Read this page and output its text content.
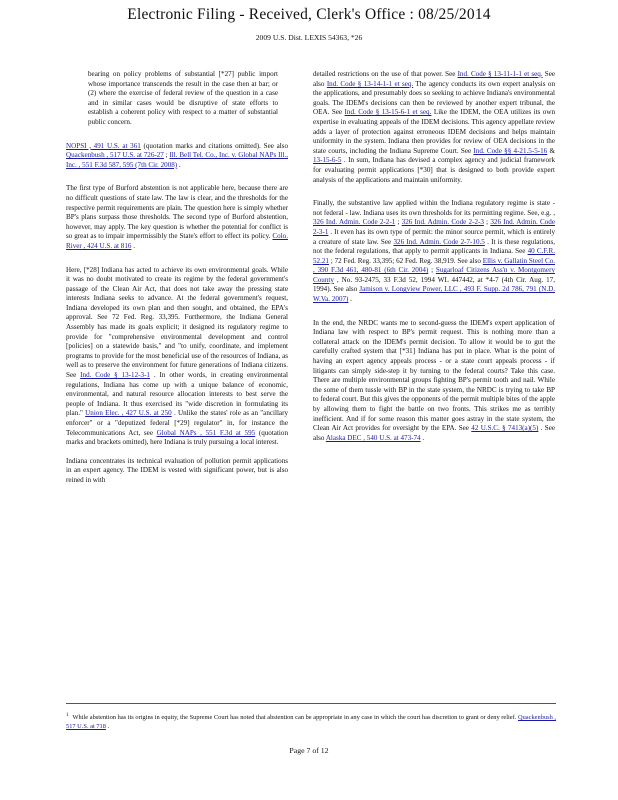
Electronic Filing - Received, Clerk's Office : 08/25/2014
2009 U.S. Dist. LEXIS 54363, *26

bearing on policy problems of substantial [*27] public import whose importance transcends the result in the case then at bar; or (2) where the exercise of federal review of the question in a case and in similar cases would be disruptive of state efforts to establish a coherent policy with respect to a matter of substantial public concern.

NOPSI , 491 U.S. at 361 (quotation marks and citations omitted). See also Quackenbush , 517 U.S. at 726-27 ; Ill. Bell Tel. Co., Inc. v. Global NAPs Ill., Inc. , 551 F.3d 587, 595 (7th Cir. 2008) .

The first type of Burford abstention is not applicable here, because there are no difficult questions of state law. The law is clear, and the thresholds for the respective permit requirements are plain. The question here is simply whether BP's plans surpass those thresholds. The second type of Burford abstention, however, may apply. The key question is whether the potential for conflict is so great as to impair impermissibly the State's effort to effect its policy. Colo. River , 424 U.S. at 816 .

Here, [*28] Indiana has acted to achieve its own environmental goals. While it was no doubt motivated to create its regime by the federal government's passage of the Clean Air Act, that does not take away the pressing state interests Indiana seeks to advance. At the federal government's request, Indiana developed its own plan and then sought, and obtained, the EPA's approval. See 72 Fed. Reg. 33,395. Furthermore, the Indiana General Assembly has made its goals explicit; it designed its regulatory regime to provide for "comprehensive environmental development and control [policies] on a statewide basis," and "to unify, coordinate, and implement programs to provide for the most beneficial use of the resources of Indiana, as well as to preserve the environment for future generations of Indiana citizens. See Ind. Code § 13-12-3-1 . In other words, in creating environmental regulations, Indiana has come up with a unique balance of economic, environmental, and natural resource allocation interests to best serve the people of Indiana. It thus exercised its "wide discretion in formulating its plan." Union Elec. , 427 U.S. at 250 . Unlike the states' role as an "ancillary enforcer" or a "deputized federal [*29] regulator" in, for instance the Telecommunications Act, see Global NAPs , 551 F.3d at 595 (quotation marks and brackets omitted), here Indiana is truly pursuing a local interest.

Indiana concentrates its technical evaluation of pollution permit applications in an expert agency. The IDEM is vested with significant power, but is also reined in with

detailed restrictions on the use of that power. See Ind. Code § 13-11-1-1 et seq. See also Ind. Code § 13-14-1-1 et seq. The agency conducts its own expert analysis on the applications, and presumably does so seeking to achieve Indiana's environmental goals. The IDEM's decisions can then be reviewed by another expert tribunal, the OEA. See Ind. Code § 13-15-6-1 et seq. Like the IDEM, the OEA utilizes its own expertise in evaluating appeals of the IDEM decisions. This agency appellate review adds a layer of protection against erroneous IDEM decisions and helps maintain uniformity in the system. Indiana then provides for review of OEA decisions in the state courts, including the Indiana Supreme Court. See Ind. Code §§ 4-21.5-5-16 & 13-15-6-5 . In sum, Indiana has devised a complex agency and judicial framework for evaluating permit applications [*30] that is designed to both provide expert analysis of the applications and maintain uniformity.

Finally, the substantive law applied within the Indiana regulatory regime is state - not federal - law. Indiana uses its own thresholds for its permitting regime. See, e.g. , 326 Ind. Admin. Code 2-2-1 ; 326 Ind. Admin. Code 2-2-3 ; 326 Ind. Admin. Code 2-3-1 . It even has its own type of permit: the minor source permit, which is entirely a creature of state law. See 326 Ind. Admin. Code 2-7-10.5 . It is these regulations, not the federal regulations, that apply to permit applicants in Indiana. See 40 C.F.R. 52.21 ; 72 Fed. Reg. 33,395; 62 Fed. Reg. 38,919. See also Ellis v. Gallatin Steel Co. , 390 F.3d 461, 480-81 (6th Cir. 2004) ; Sugarloaf Citizens Ass'n v. Montgomery County , No. 93-2475, 33 F.3d 52, 1994 WL 447442, at *4-7 (4th Cir. Aug. 17, 1994). See also Jamison v. Longview Power, LLC , 493 F. Supp. 2d 786, 791 (N.D. W.Va. 2007) .

In the end, the NRDC wants me to second-guess the IDEM's expert application of Indiana law with respect to BP's permit request. This is nothing more than a collateral attack on the IDEM's permit decision. To allow it would be to gut the carefully crafted system that [*31] Indiana has put in place. What is the point of having an expert agency appeals process - or a state court appeals process - if litigants can simply side-step it by turning to the federal courts? Take this case. There are multiple environmental groups fighting BP's permit tooth and nail. While the some of them tussle with BP in the state system, the NRDC is trying to take BP to federal court. But this gives the opponents of the permit multiple bites of the apple by allowing them to fight the battle on two fronts. This strikes me as terribly inefficient. And if for some reason this matter goes astray in the state system, the Clean Air Act provides for oversight by the EPA. See 42 U.S.C. § 7413(a)(5) . See also Alaska DEC , 540 U.S. at 473-74 .

$^1$ While abstention has its origins in equity, the Supreme Court has noted that abstention can be appropriate in any case in which the court has discretion to grant or deny relief. Quackenbush , 517 U.S. at 718 .
Page 7 of 12
